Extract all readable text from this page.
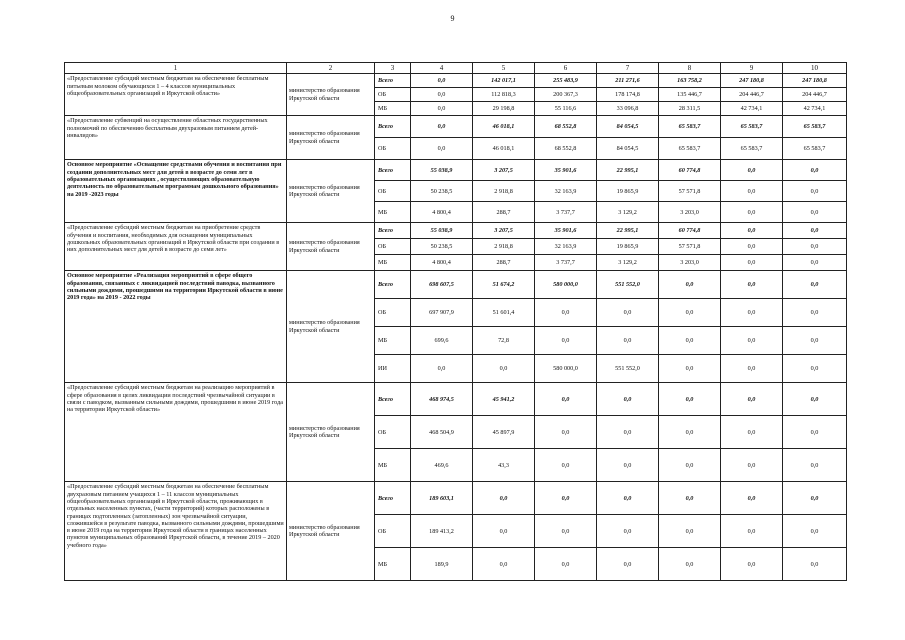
9
1	2	3	4	5	6	7	8	9	10
«Предоставление субсидий местным бюджетам на обеспечение бесплатным питьевым молоком обучающихся 1 – 4 классов муниципальных общеобразовательных организаций в Иркутской области»	министерство образования Иркутской области	Всего	0,0	142 017,1	255 483,9	211 271,6	163 758,2	247 180,8	247 180,8
		ОБ	0,0	112 818,3	200 367,3	178 174,8	135 446,7	204 446,7	204 446,7
		МБ	0,0	29 198,8	55 116,6	33 096,8	28 311,5	42 734,1	42 734,1
«Предоставление субвенций на осуществление областных государственных полномочий по обеспечению бесплатным двухразовым питанием детей-инвалидов»	министерство образования Иркутской области	Всего	0,0	46 018,1	68 552,8	84 054,5	65 583,7	65 583,7	65 583,7
		ОБ	0,0	46 018,1	68 552,8	84 054,5	65 583,7	65 583,7	65 583,7
Основное мероприятие «Оснащение средствами обучения и воспитания при создании дополнительных мест для детей в возрасте до семи лет в образовательных организациях , осуществляющих образовательную деятельность по образовательным программам дошкольного образования» на 2019 -2023 годы	министерство образования Иркутской области	Всего	55 038,9	3 207,5	35 901,6	22 995,1	60 774,8	0,0	0,0
		ОБ	50 238,5	2 918,8	32 163,9	19 865,9	57 571,8	0,0	0,0
		МБ	4 800,4	288,7	3 737,7	3 129,2	3 203,0	0,0	0,0
«Предоставление субсидий местным бюджетам на приобретение средств обучения и воспитания, необходимых для оснащения муниципальных дошкольных образовательных организаций в Иркутской области при создании в них дополнительных мест для детей в возрасте до семи лет»	министерство образования Иркутской области	Всего	55 038,9	3 207,5	35 901,6	22 995,1	60 774,8	0,0	0,0
		ОБ	50 238,5	2 918,8	32 163,9	19 865,9	57 571,8	0,0	0,0
		МБ	4 800,4	288,7	3 737,7	3 129,2	3 203,0	0,0	0,0
Основное мероприятие «Реализация мероприятий в сфере общего образования, связанных с ликвидацией последствий паводка, вызванного сильными дождями, прошедшими на территории Иркутской области в июне 2019 года» на 2019 - 2022 годы	министерство образования Иркутской области	Всего	698 607,5	51 674,2	580 000,0	551 552,0	0,0	0,0	0,0
		ОБ	697 907,9	51 601,4	0,0	0,0	0,0	0,0	0,0
		МБ	699,6	72,8	0,0	0,0	0,0	0,0	0,0
		ИИ	0,0	0,0	580 000,0	551 552,0	0,0	0,0	0,0
«Предоставление субсидий местным бюджетам на реализацию мероприятий в сфере образования в целях ликвидации последствий чрезвычайной ситуации в связи с паводком, вызванным сильными дождями, прошедшими в июне 2019 года на территории Иркутской области»	министерство образования Иркутской области	Всего	468 974,5	45 941,2	0,0	0,0	0,0	0,0	0,0
		ОБ	468 504,9	45 897,9	0,0	0,0	0,0	0,0	0,0
		МБ	469,6	43,3	0,0	0,0	0,0	0,0	0,0
«Предоставление субсидий местным бюджетам на обеспечение бесплатным двухразовым питанием учащихся 1 – 11 классов муниципальных общеобразовательных организаций в Иркутской области, проживающих в отдельных населенных пунктах, (части территорий) которых расположены в границах подтопленных (затопленных) зон чрезвычайной ситуации, сложившейся в результате паводка, вызванного сильными дождями, прошедшими в июне 2019 года на территории Иркутской области в границах населенных пунктов муниципальных образований Иркутской области, в течение 2019 – 2020 учебного года»	министерство образования Иркутской области	Всего	189 603,1	0,0	0,0	0,0	0,0	0,0	0,0
		ОБ	189 413,2	0,0	0,0	0,0	0,0	0,0	0,0
		МБ	189,9	0,0	0,0	0,0	0,0	0,0	0,0
